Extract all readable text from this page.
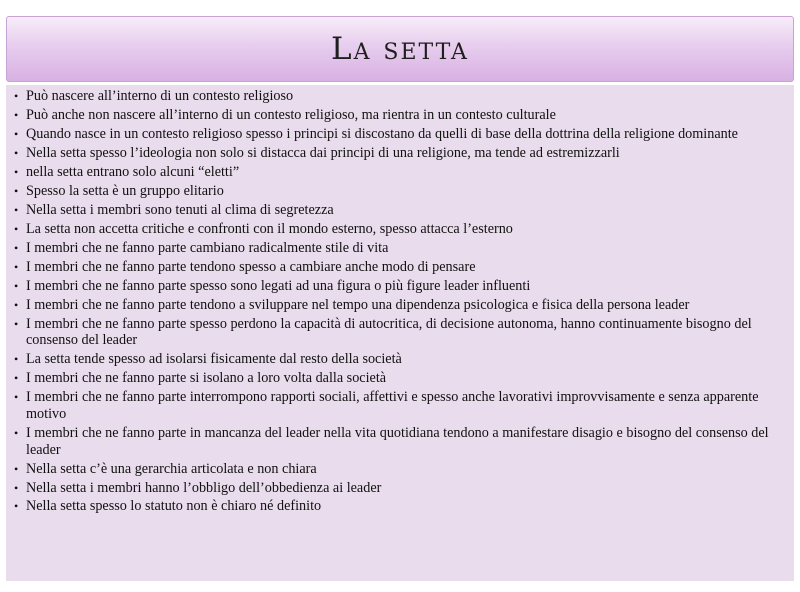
La setta
• Può nascere all’interno di un contesto religioso
• Può anche non nascere all’interno di un contesto religioso, ma rientra in un contesto culturale
• Quando nasce in un contesto religioso spesso i principi si discostano da quelli di base della dottrina della religione dominante
• Nella setta spesso l’ideologia non solo si distacca dai principi di una religione, ma tende ad estremizzarli
• nella setta entrano solo alcuni “eletti”
• Spesso la setta è un gruppo elitario
• Nella setta i membri sono tenuti al clima di segretezza
• La setta non accetta critiche e confronti con il mondo esterno, spesso attacca l’esterno
• I membri che ne fanno parte cambiano radicalmente stile di vita
• I membri che ne fanno parte tendono spesso a cambiare anche modo di pensare
• I membri che ne fanno parte spesso sono legati ad una figura o più figure leader influenti
• I membri che ne fanno parte tendono a sviluppare nel tempo una dipendenza psicologica e fisica della persona leader
• I membri che ne fanno parte spesso perdono la capacità di autocritica, di decisione autonoma, hanno continuamente bisogno del consenso del leader
• La setta tende spesso ad isolarsi fisicamente dal resto della società
• I membri che ne fanno parte si isolano a loro volta dalla società
• I membri che ne fanno parte interrompono rapporti sociali, affettivi e spesso anche lavorativi improvvisamente e senza apparente motivo
• I membri che ne fanno parte in mancanza del leader nella vita quotidiana tendono a manifestare disagio e bisogno del consenso del leader
• Nella setta c’è una gerarchia articolata e non chiara
• Nella setta i membri hanno l’obbligo dell’obbedienza ai leader
• Nella setta spesso lo statuto non è chiaro né definito
